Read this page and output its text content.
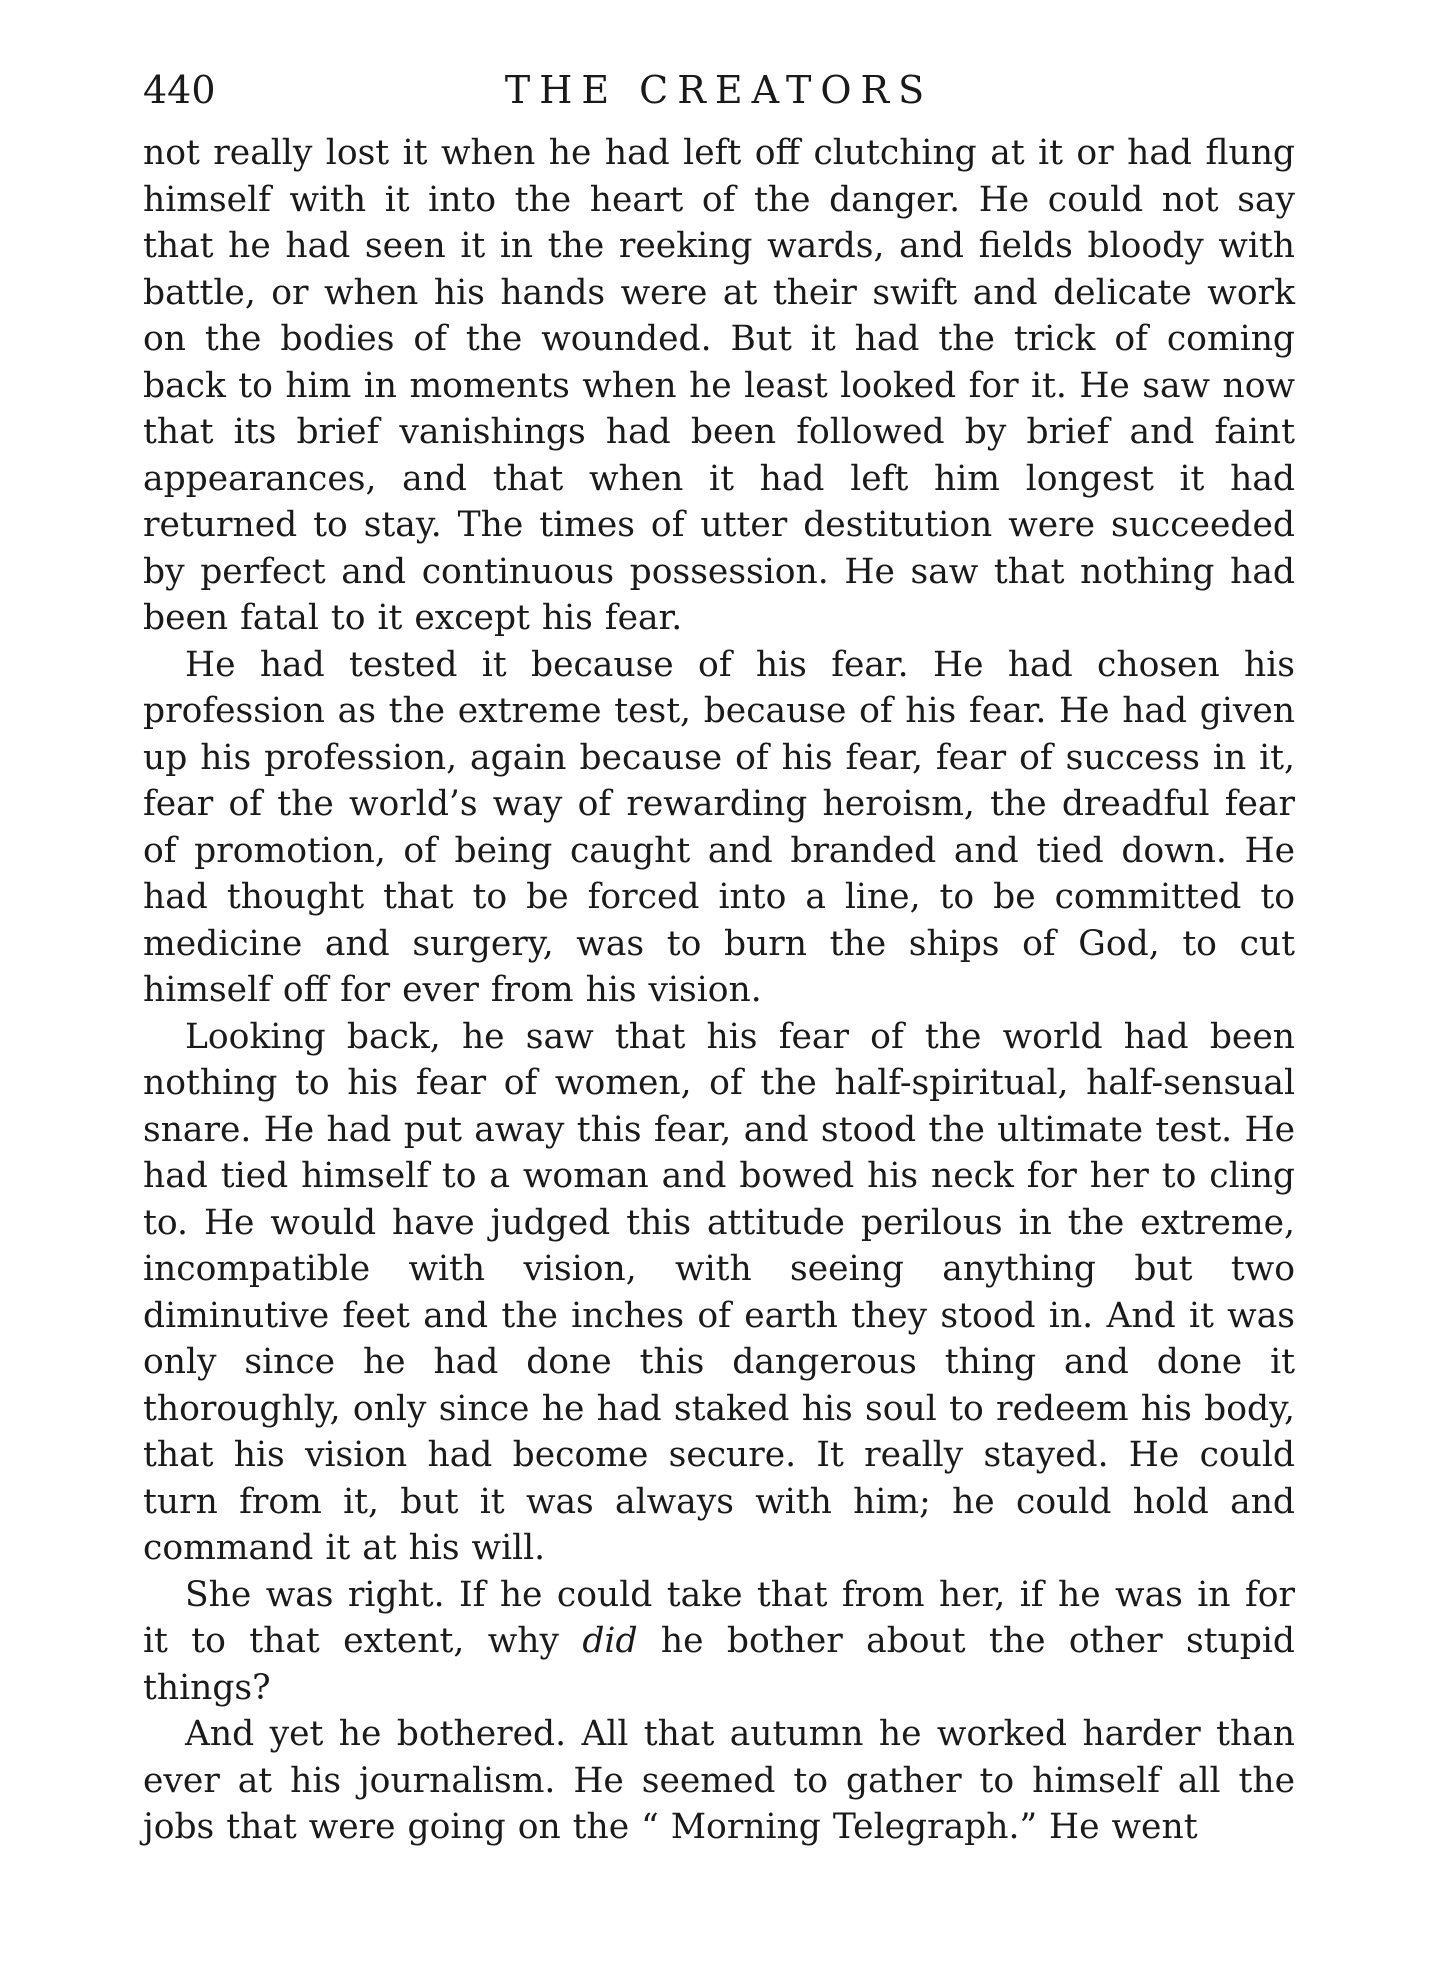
440	THE CREATORS

not really lost it when he had left off clutching at it or had flung himself with it into the heart of the danger. He could not say that he had seen it in the reeking wards, and fields bloody with battle, or when his hands were at their swift and delicate work on the bodies of the wounded. But it had the trick of coming back to him in moments when he least looked for it. He saw now that its brief vanishings had been followed by brief and faint appearances, and that when it had left him longest it had returned to stay. The times of utter destitution were succeeded by perfect and continuous possession. He saw that nothing had been fatal to it except his fear.

He had tested it because of his fear. He had chosen his profession as the extreme test, because of his fear. He had given up his profession, again because of his fear, fear of success in it, fear of the world’s way of rewarding heroism, the dreadful fear of promotion, of being caught and branded and tied down. He had thought that to be forced into a line, to be committed to medicine and surgery, was to burn the ships of God, to cut himself off for ever from his vision.

Looking back, he saw that his fear of the world had been nothing to his fear of women, of the half-spiritual, half-sensual snare. He had put away this fear, and stood the ultimate test. He had tied himself to a woman and bowed his neck for her to cling to. He would have judged this attitude perilous in the extreme, incompatible with vision, with seeing anything but two diminutive feet and the inches of earth they stood in. And it was only since he had done this dangerous thing and done it thoroughly, only since he had staked his soul to redeem his body, that his vision had become secure. It really stayed. He could turn from it, but it was always with him; he could hold and command it at his will.

She was right. If he could take that from her, if he was in for it to that extent, why did he bother about the other stupid things?

And yet he bothered. All that autumn he worked harder than ever at his journalism. He seemed to gather to himself all the jobs that were going on the “ Morning Telegraph.” He went
